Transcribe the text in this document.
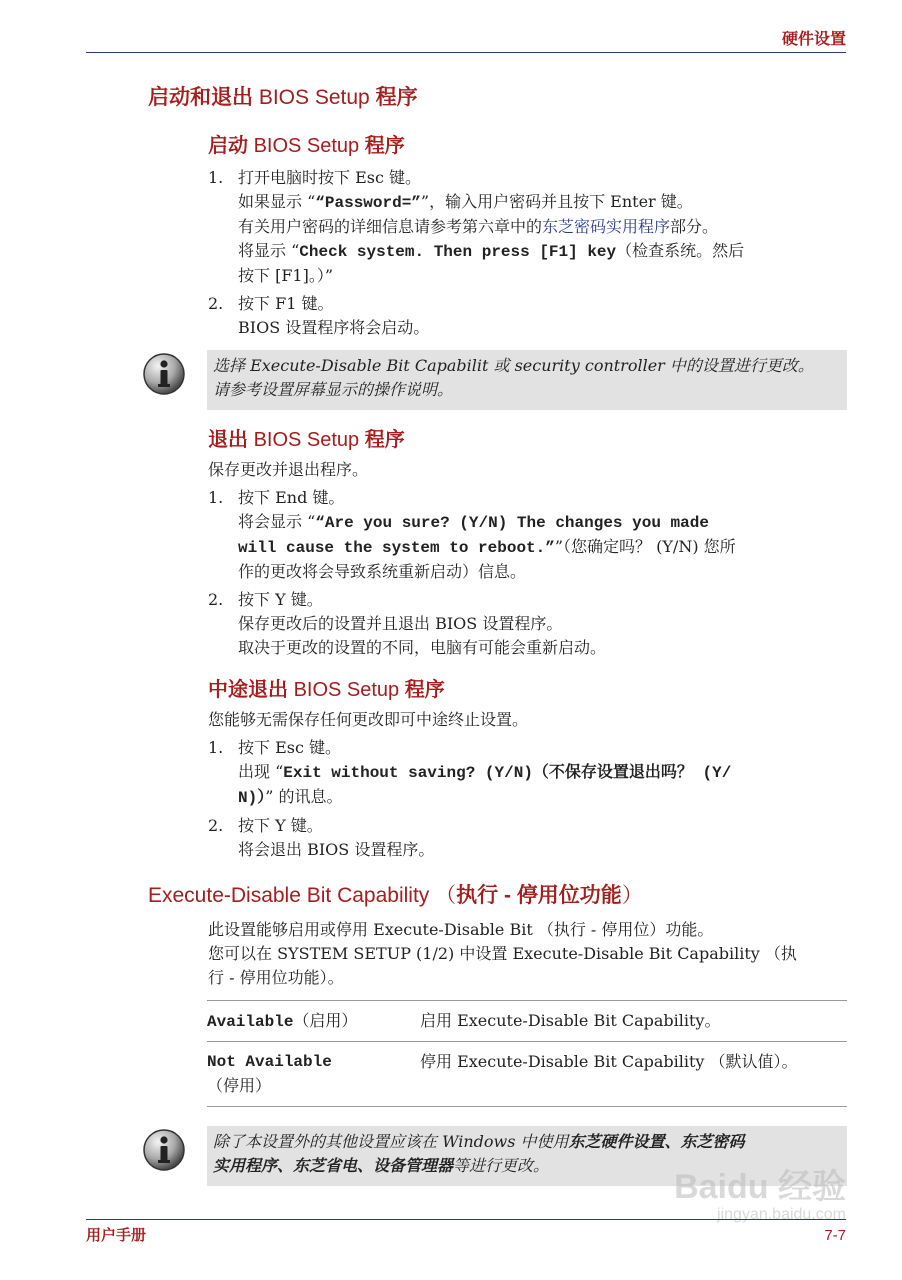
硬件设置
启动和退出 BIOS Setup 程序
启动 BIOS Setup 程序
1. 打开电脑时按下 Esc 键。
如果显示 ““Password=””，输入用户密码并且按下 Enter 键。
有关用户密码的详细信息请参考第六章中的东芝密码实用程序部分。
将显示 “Check system. Then press [F1] key（检查系统。然后
按下 [F1]。）”
2. 按下 F1 键。
BIOS 设置程序将会启动。
选择 Execute-Disable Bit Capabilit 或 security controller 中的设置进行更改。
请参考设置屏幕显示的操作说明。
退出 BIOS Setup 程序
保存更改并退出程序。
1. 按下 End 键。
将会显示 ““Are you sure? (Y/N) The changes you made
will cause the system to reboot.””（您确定吗？ (Y/N) 您所
作的更改将会导致系统重新启动）信息。
2. 按下 Y 键。
保存更改后的设置并且退出 BIOS 设置程序。
取决于更改的设置的不同，电脑有可能会重新启动。
中途退出 BIOS Setup 程序
您能够无需保存任何更改即可中途终止设置。
1. 按下 Esc 键。
出现 “Exit without saving? (Y/N)（不保存设置退出吗？ (Y/
N)）” 的讯息。
2. 按下 Y 键。
将会退出 BIOS 设置程序。
Execute-Disable Bit Capability （执行 - 停用位功能）
此设置能够启用或停用 Execute-Disable Bit （执行 - 停用位）功能。
您可以在 SYSTEM SETUP (1/2) 中设置 Execute-Disable Bit Capability （执
行 - 停用位功能）。
Available（启用）	启用 Execute-Disable Bit Capability。
Not Available
（停用）
停用 Execute-Disable Bit Capability （默认值）。
除了本设置外的其他设置应该在 Windows 中使用东芝硬件设置、东芝密码
实用程序、东芝省电、设备管理器等进行更改。
Baidu 经验
jingyan.baidu.com
用户手册	7-7
